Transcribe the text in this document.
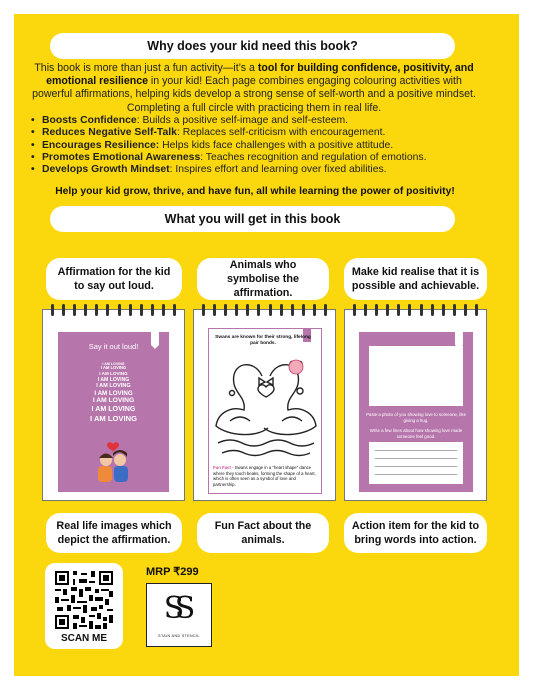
Why does your kid need this book?

This book is more than just a fun activity—it’s a tool for building confidence, positivity, and emotional resilience in your kid! Each page combines engaging colouring activities with powerful affirmations, helping kids develop a strong sense of self-worth and a positive mindset. Completing a full circle with practicing them in real life.

• Boosts Confidence: Builds a positive self-image and self-esteem.
• Reduces Negative Self-Talk: Replaces self-criticism with encouragement.
• Encourages Resilience: Helps kids face challenges with a positive attitude.
• Promotes Emotional Awareness: Teaches recognition and regulation of emotions.
• Develops Growth Mindset: Inspires effort and learning over fixed abilities.
Help your kid grow, thrive, and have fun, all while learning the power of positivity!
What you will get in this book
Affirmation for the kid to say out loud.
Animals who symbolise the affirmation.
Make kid realise that it is possible and achievable.
Say it out loud!
I AM LOVING
I AM LOVING
I AM LOVING
I AM LOVING
I AM LOVING
I AM LOVING
I AM LOVING
I AM LOVING
I AM LOVING
Swans are known for their strong, lifelong pair bonds.
Fun Fact - Swans engage in a "heart shape" dance where they touch beaks, forming the shape of a heart, which is often seen as a symbol of love and partnership.
Paste a photo of you showing love to someone, like giving a hug.
Write a few lines about how showing love made someone feel good.
Real life images which depict the affirmation.
Fun Fact about the animals.
Action item for the kid to bring words into action.
SCAN ME
MRP ₹299
SS
STAIN AND STENCIL
